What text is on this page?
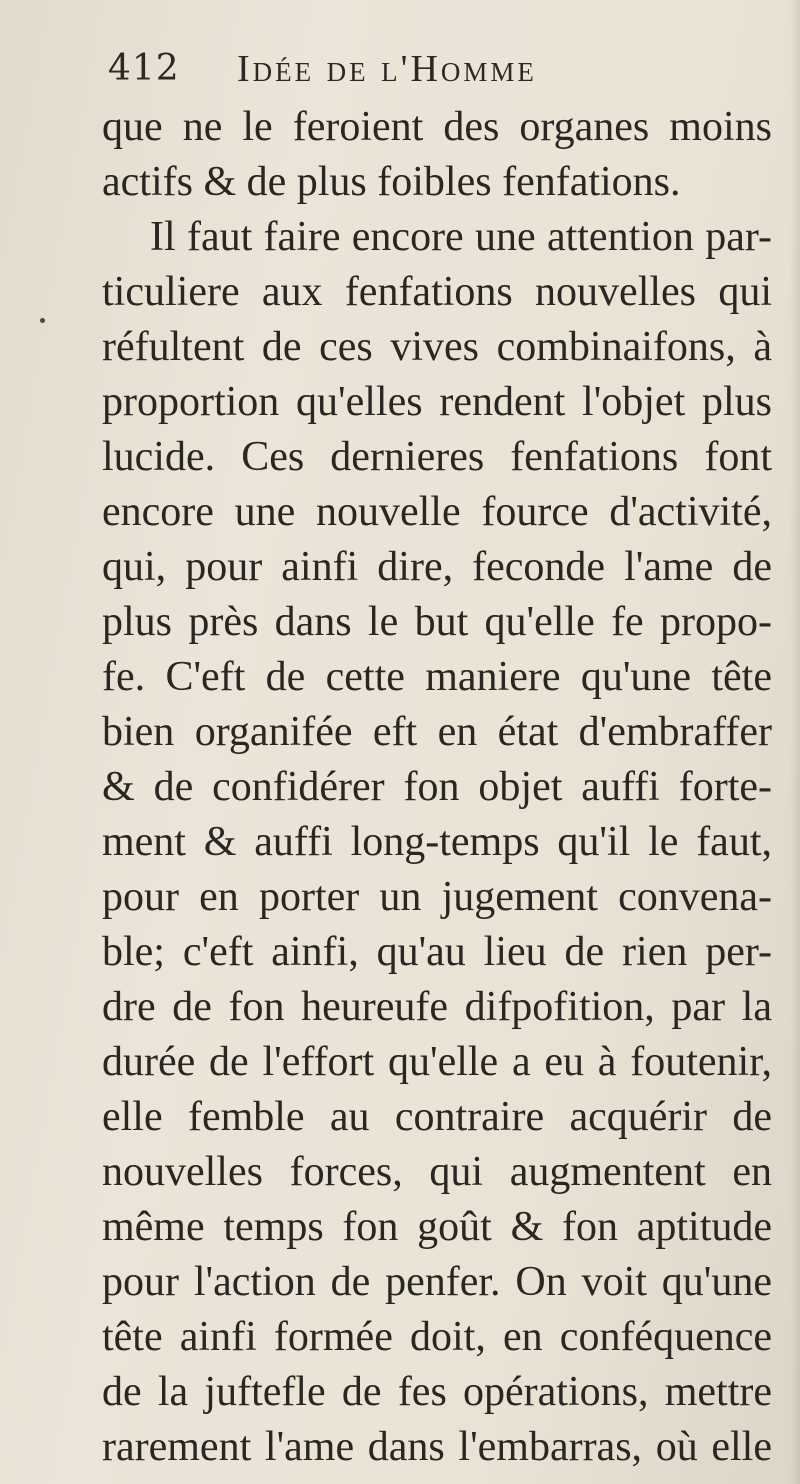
412 Idée de l'Homme
que ne le feroient des organes moins
actifs & de plus foibles fenfations.
Il faut faire encore une attention par-
ticuliere aux fenfations nouvelles qui
réfultent de ces vives combinaifons, à
proportion qu'elles rendent l'objet plus
lucide. Ces dernieres fenfations font
encore une nouvelle fource d'activité,
qui, pour ainfi dire, feconde l'ame de
plus près dans le but qu'elle fe propo-
fe. C'eft de cette maniere qu'une tête
bien organifée eft en état d'embraffer
& de confidérer fon objet auffi forte-
ment & auffi long-temps qu'il le faut,
pour en porter un jugement convena-
ble; c'eft ainfi, qu'au lieu de rien per-
dre de fon heureufe difpofition, par la
durée de l'effort qu'elle a eu à foutenir,
elle femble au contraire acquérir de
nouvelles forces, qui augmentent en
même temps fon goût & fon aptitude
pour l'action de penfer. On voit qu'une
tête ainfi formée doit, en conféquence
de la juftefle de fes opérations, mettre
rarement l'ame dans l'embarras, où elle
